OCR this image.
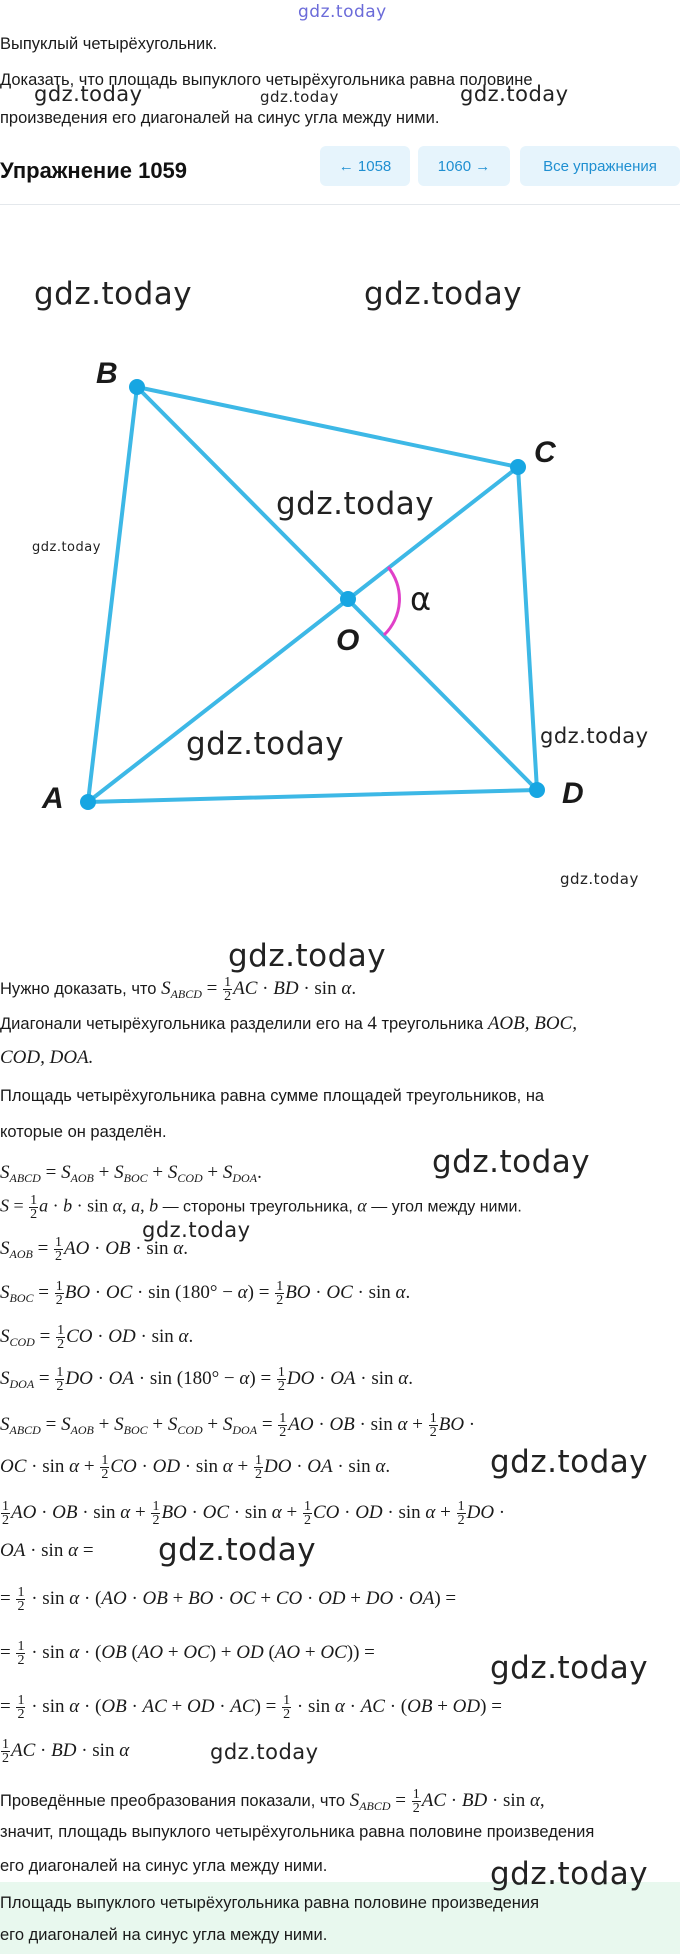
gdz.today
Выпуклый четырёхугольник.
Доказать, что площадь выпуклого четырёхугольника равна половине
произведения его диагоналей на синус угла между ними.
gdz.today	gdz.today	gdz.today
Упражнение 1059	← 1058	1060 →	Все упражнения
B
C
D
A
O
α
gdz.today	gdz.today
gdz.today
gdz.today
gdz.today	gdz.today
gdz.today
gdz.today
Нужно доказать, что $S_{ABCD} = \frac{1}{2}$ AC · BD · sin α.
Диагонали четырёхугольника разделили его на 4 треугольника AOB, BOC,
COD, DOA.
Площадь четырёхугольника равна сумме площадей треугольников, на
которые он разделён.
gdz.today
$S_{ABCD} = S_{AOB} + S_{BOC} + S_{COD} + S_{DOA}$.
$S = \frac{1}{2}$ a · b · sin α, a, b — стороны треугольника, α — угол между ними.
gdz.today
$S_{AOB} = \frac{1}{2}$ AO · OB · sin α.
$S_{BOC} = \frac{1}{2}$ BO · OC · $\sin (180^\circ - \alpha) = \frac{1}{2}$ BO · OC · sin α.
$S_{COD} = \frac{1}{2}$ CO · OD · sin α.
$S_{DOA} = \frac{1}{2}$ DO · OA · $\sin (180^\circ - \alpha) = \frac{1}{2}$ DO · OA · sin α.
$S_{ABCD} = S_{AOB} + S_{BOC} + S_{COD} + S_{DOA} = \frac{1}{2}$ AO · OB · $\sin \alpha + \frac{1}{2}$ BO ·
OC · $\sin \alpha + \frac{1}{2}$ CO · OD · $\sin \alpha + \frac{1}{2}$ DO · OA · sin α.	gdz.today
$\frac{1}{2}$ AO · OB · $\sin \alpha + \frac{1}{2}$ BO · OC · $\sin \alpha + \frac{1}{2}$ CO · OD · $\sin \alpha + \frac{1}{2}$ DO ·
OA · sin α = gdz.today
= $\frac{1}{2} \cdot \sin \alpha \cdot (AO$ · OB + BO · OC + CO · OD + DO · OA) =
= $\frac{1}{2} \cdot \sin \alpha \cdot (OB$ (AO + OC) + OD (AO + OC)) =	gdz.today
= $\frac{1}{2} \cdot \sin \alpha \cdot (OB$ · AC + OD · $AC) = \frac{1}{2} \cdot \sin \alpha$ · AC · (OB + OD) =
$\frac{1}{2}$ AC · BD · sin α	gdz.today
Проведённые преобразования показали, что $S_{ABCD} = \frac{1}{2}$ AC · BD · sin α,
значит, площадь выпуклого четырёхугольника равна половине произведения
его диагоналей на синус угла между ними.
Площадь выпуклого четырёхугольника равна половине произведения
его диагоналей на синус угла между ними.
gdz.today
